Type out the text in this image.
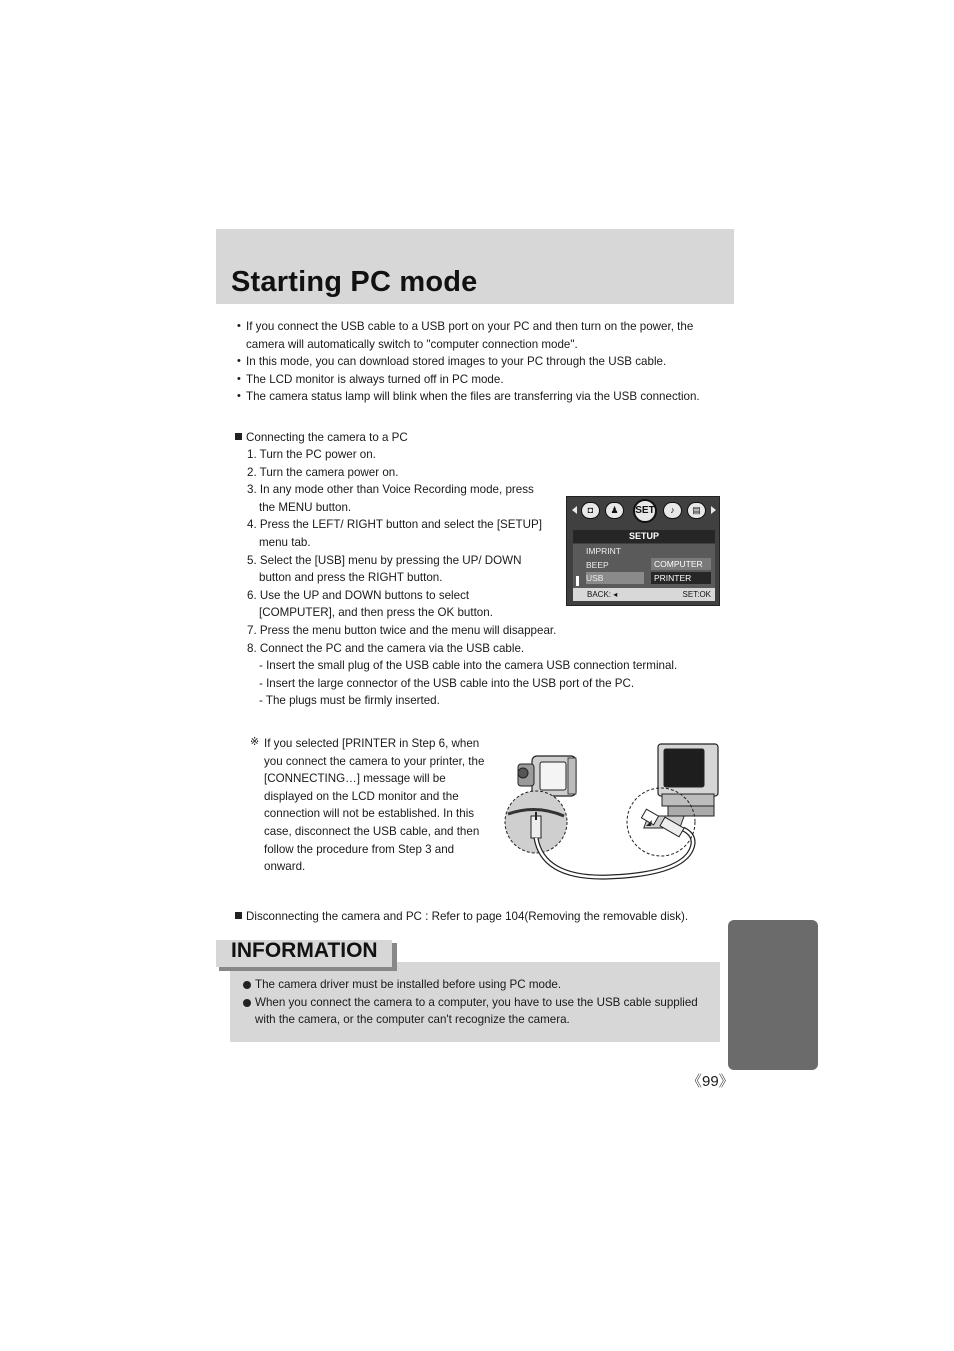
Starting PC mode
• If you connect the USB cable to a USB port on your PC and then turn on the power, the
camera will automatically switch to "computer connection mode".
• In this mode, you can download stored images to your PC through the USB cable.
• The LCD monitor is always turned off in PC mode.
• The camera status lamp will blink when the files are transferring via the USB connection.
Connecting the camera to a PC
1. Turn the PC power on.
2. Turn the camera power on.
3. In any mode other than Voice Recording mode, press
the MENU button.
4. Press the LEFT/ RIGHT button and select the [SETUP]
menu tab.
5. Select the [USB] menu by pressing the UP/ DOWN
button and press the RIGHT button.
6. Use the UP and DOWN buttons to select
[COMPUTER], and then press the OK button.
7. Press the menu button twice and the menu will disappear.
8. Connect the PC and the camera via the USB cable.
- Insert the small plug of the USB cable into the camera USB connection terminal.
- Insert the large connector of the USB cable into the USB port of the PC.
- The plugs must be firmly inserted.
◘	♟	SET	♪	▤
SETUP
IMPRINT
BEEP
USB
COMPUTER
PRINTER
BACK: ◂	SET:OK
※ If you selected [PRINTER in Step 6, when you connect the camera to your printer, the [CONNECTING…] message will be displayed on the LCD monitor and the connection will not be established. In this case, disconnect the USB cable, and then follow the procedure from Step 3 and onward.
Disconnecting the camera and PC : Refer to page 104(Removing the removable disk).
INFORMATION
The camera driver must be installed before using PC mode.
When you connect the camera to a computer, you have to use the USB cable supplied with the camera, or the computer can't recognize the camera.
《99》
